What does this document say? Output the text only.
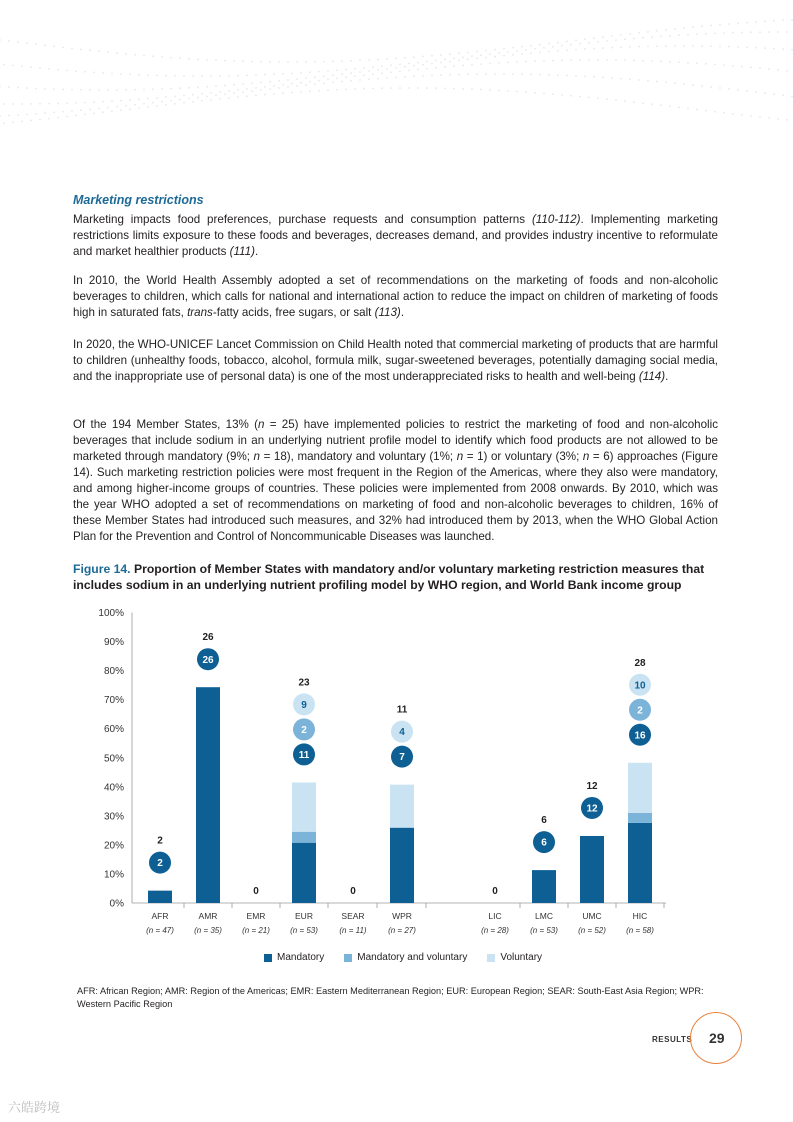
Marketing restrictions

Marketing impacts food preferences, purchase requests and consumption patterns (110-112). Implementing marketing restrictions limits exposure to these foods and beverages, decreases demand, and provides industry incentive to reformulate and market healthier products (111).

In 2010, the World Health Assembly adopted a set of recommendations on the marketing of foods and non-alcoholic beverages to children, which calls for national and international action to reduce the impact on children of marketing of foods high in saturated fats, trans-fatty acids, free sugars, or salt (113).

In 2020, the WHO-UNICEF Lancet Commission on Child Health noted that commercial marketing of products that are harmful to children (unhealthy foods, tobacco, alcohol, formula milk, sugar-sweetened beverages, potentially damaging social media, and the inappropriate use of personal data) is one of the most underappreciated risks to health and well-being (114).

Of the 194 Member States, 13% (n = 25) have implemented policies to restrict the marketing of food and non-alcoholic beverages that include sodium in an underlying nutrient profile model to identify which food products are not allowed to be marketed through mandatory (9%; n = 18), mandatory and voluntary (1%; n = 1) or voluntary (3%; n = 6) approaches (Figure 14). Such marketing restriction policies were most frequent in the Region of the Americas, where they also were mandatory, and among higher-income groups of countries. These policies were implemented from 2008 onwards. By 2010, which was the year WHO adopted a set of recommendations on marketing of food and non-alcoholic beverages to children, 16% of these Member States had introduced such measures, and 32% had introduced them by 2013, when the WHO Global Action Plan for the Prevention and Control of Noncommunicable Diseases was launched.

Figure 14. Proportion of Member States with mandatory and/or voluntary marketing restriction measures that includes sodium in an underlying nutrient profiling model by WHO region, and World Bank income group

0%
10%
20%
30%
40%
50%
60%
70%
80%
90%
100%
2
2
AFR
(n = 47)
26
26
AMR
(n = 35)
0
EMR
(n = 21)
11
2
9
23
EUR
(n = 53)
0
SEAR
(n = 11)
7
4
11
WPR
(n = 27)
0
LIC
(n = 28)
6
6
LMC
(n = 53)
12
12
UMC
(n = 52)
16
2
10
28
HIC
(n = 58)
Mandatory	Mandatory and voluntary	Voluntary

AFR: African Region; AMR: Region of the Americas; EMR: Eastern Mediterranean Region; EUR: European Region; SEAR: South-East Asia Region; WPR: Western Pacific Region

RESULTS 29
六皓跨境
